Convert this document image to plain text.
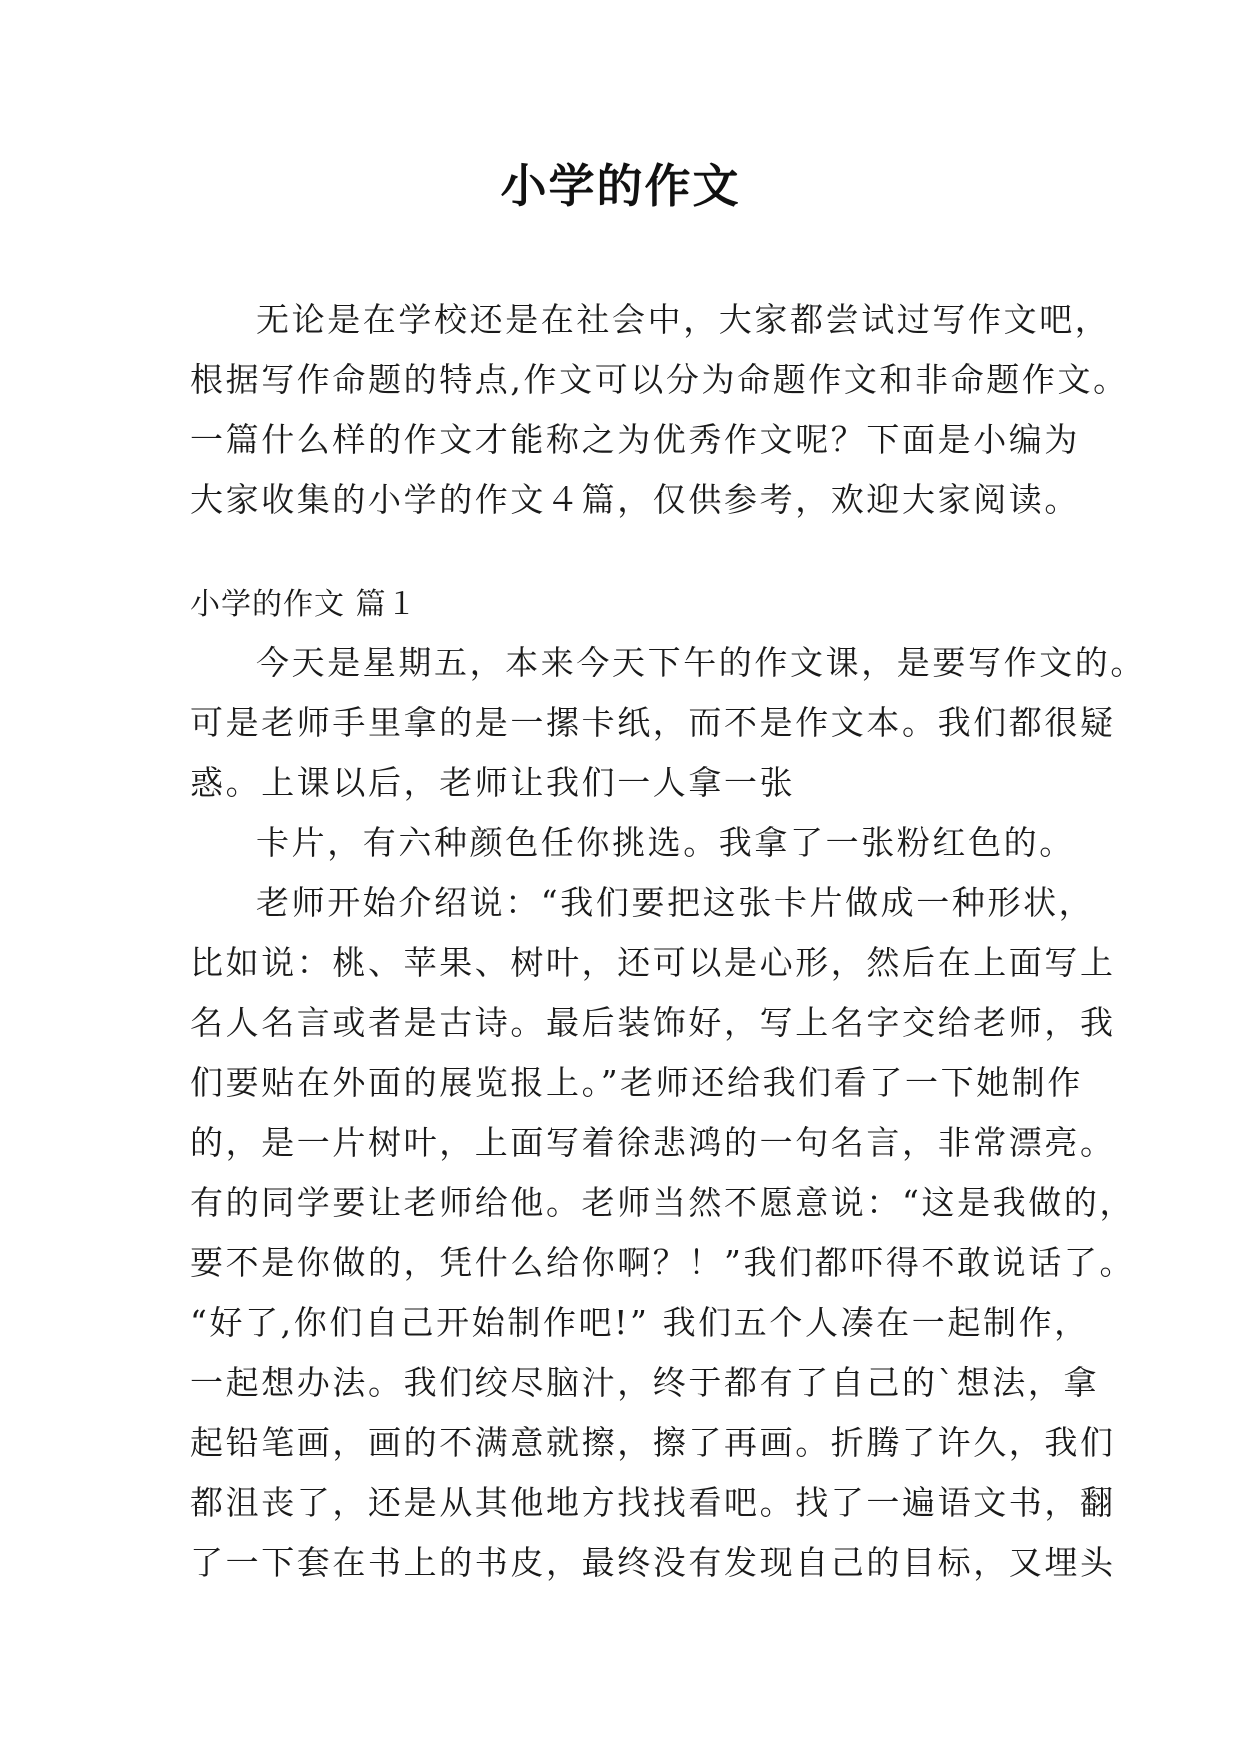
小学的作文
无论是在学校还是在社会中，大家都尝试过写作文吧，
根据写作命题的特点,作文可以分为命题作文和非命题作文。
一篇什么样的作文才能称之为优秀作文呢？下面是小编为
大家收集的小学的作文４篇，仅供参考，欢迎大家阅读。
小学的作文 篇１
今天是星期五，本来今天下午的作文课，是要写作文的。
可是老师手里拿的是一摞卡纸，而不是作文本。我们都很疑
惑。上课以后，老师让我们一人拿一张
卡片，有六种颜色任你挑选。我拿了一张粉红色的。
老师开始介绍说：“我们要把这张卡片做成一种形状，
比如说：桃、苹果、树叶，还可以是心形，然后在上面写上
名人名言或者是古诗。最后装饰好，写上名字交给老师，我
们要贴在外面的展览报上。”老师还给我们看了一下她制作
的，是一片树叶，上面写着徐悲鸿的一句名言，非常漂亮。
有的同学要让老师给他。老师当然不愿意说：“这是我做的，
要不是你做的，凭什么给你啊？！”我们都吓得不敢说话了。
“好了,你们自己开始制作吧!” 我们五个人凑在一起制作，
一起想办法。我们绞尽脑汁，终于都有了自己的`想法，拿
起铅笔画，画的不满意就擦，擦了再画。折腾了许久，我们
都沮丧了，还是从其他地方找找看吧。找了一遍语文书，翻
了一下套在书上的书皮，最终没有发现自己的目标，又埋头
